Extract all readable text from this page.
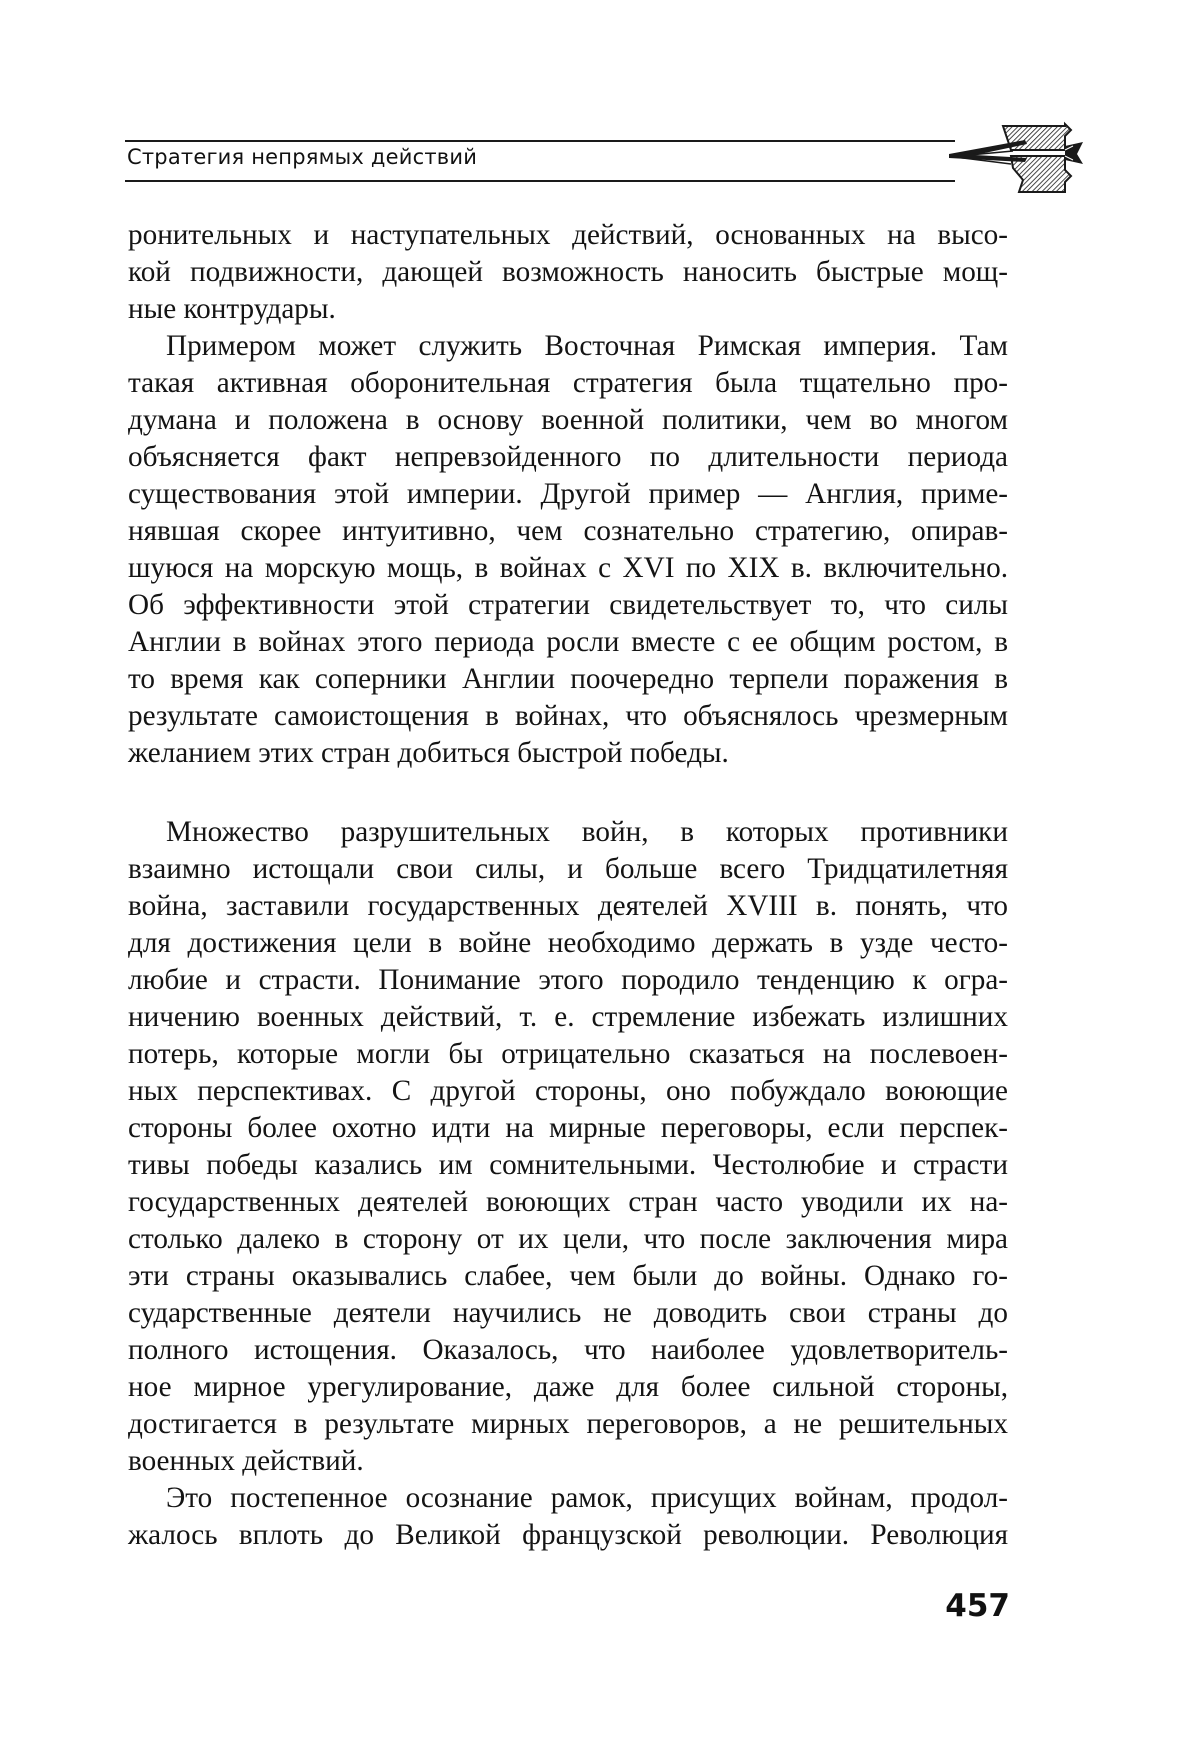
Стратегия непрямых действий
ронительных и наступательных действий, основанных на высо-
кой подвижности, дающей возможность наносить быстрые мощ-
ные контрудары.
Примером может служить Восточная Римская империя. Там
такая активная оборонительная стратегия была тщательно про-
думана и положена в основу военной политики, чем во многом
объясняется факт непревзойденного по длительности периода
существования этой империи. Другой пример — Англия, приме-
нявшая скорее интуитивно, чем сознательно стратегию, опирав-
шуюся на морскую мощь, в войнах с XVI по XIX в. включительно.
Об эффективности этой стратегии свидетельствует то, что силы
Англии в войнах этого периода росли вместе с ее общим ростом, в
то время как соперники Англии поочередно терпели поражения в
результате самоистощения в войнах, что объяснялось чрезмерным
желанием этих стран добиться быстрой победы.
Множество разрушительных войн, в которых противники
взаимно истощали свои силы, и больше всего Тридцатилетняя
война, заставили государственных деятелей XVIII в. понять, что
для достижения цели в войне необходимо держать в узде често-
любие и страсти. Понимание этого породило тенденцию к огра-
ничению военных действий, т. е. стремление избежать излишних
потерь, которые могли бы отрицательно сказаться на послевоен-
ных перспективах. С другой стороны, оно побуждало воюющие
стороны более охотно идти на мирные переговоры, если перспек-
тивы победы казались им сомнительными. Честолюбие и страсти
государственных деятелей воюющих стран часто уводили их на-
столько далеко в сторону от их цели, что после заключения мира
эти страны оказывались слабее, чем были до войны. Однако го-
сударственные деятели научились не доводить свои страны до
полного истощения. Оказалось, что наиболее удовлетворитель-
ное мирное урегулирование, даже для более сильной стороны,
достигается в результате мирных переговоров, а не решительных
военных действий.
Это постепенное осознание рамок, присущих войнам, продол-
жалось вплоть до Великой французской революции. Революция
457
